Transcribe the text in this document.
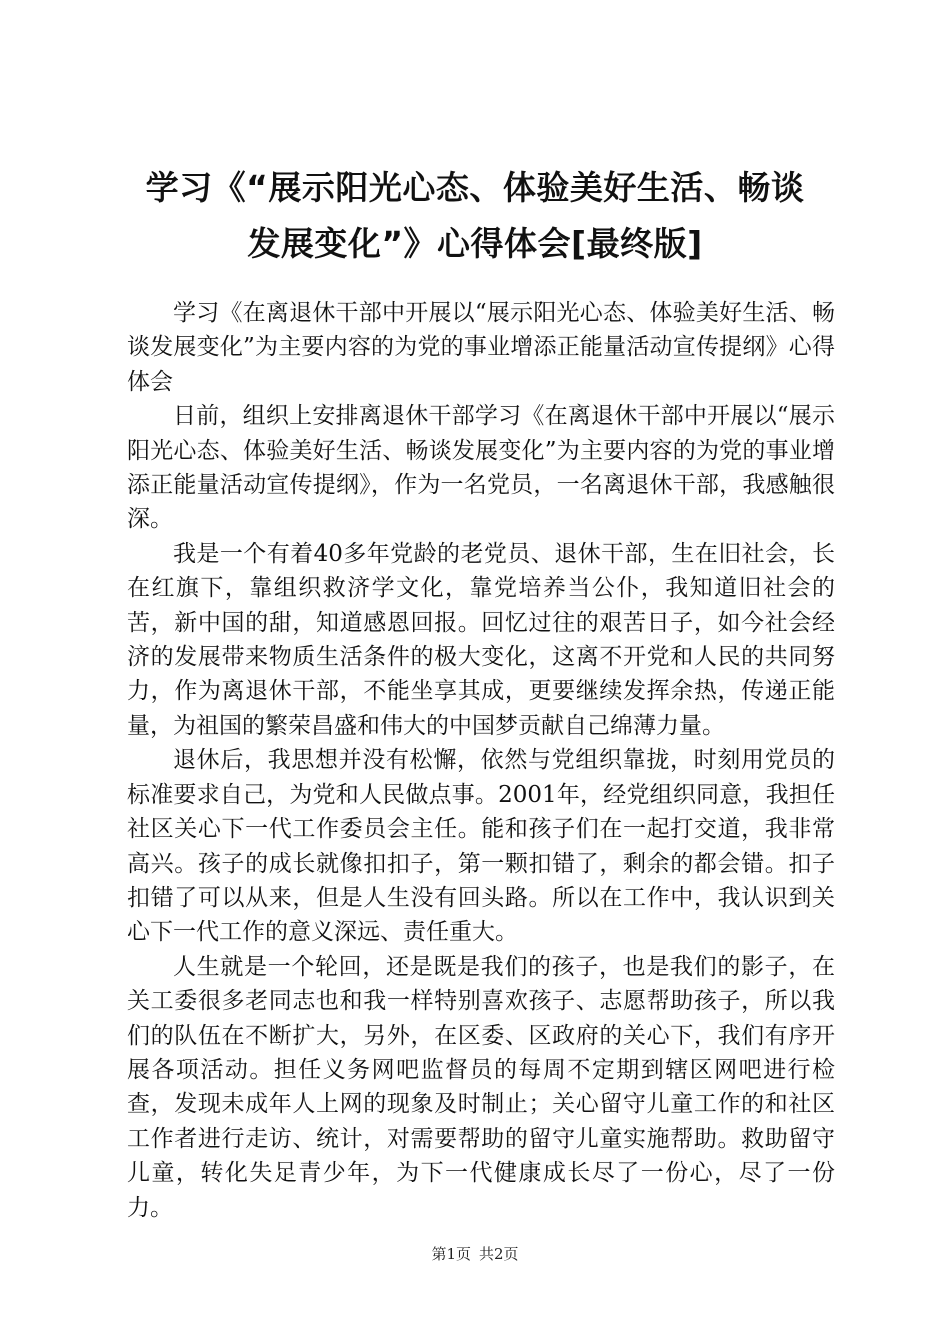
学习《“展示阳光心态、体验美好生活、畅谈
发展变化”》心得体会[最终版]

学习《在离退休干部中开展以“展示阳光心态、体验美好生活、畅谈发展变化”为主要内容的为党的事业增添正能量活动宣传提纲》心得体会

日前，组织上安排离退休干部学习《在离退休干部中开展以“展示阳光心态、体验美好生活、畅谈发展变化”为主要内容的为党的事业增添正能量活动宣传提纲》，作为一名党员，一名离退休干部，我感触很深。

我是一个有着40多年党龄的老党员、退休干部，生在旧社会，长在红旗下，靠组织救济学文化，靠党培养当公仆，我知道旧社会的苦，新中国的甜，知道感恩回报。回忆过往的艰苦日子，如今社会经济的发展带来物质生活条件的极大变化，这离不开党和人民的共同努力，作为离退休干部，不能坐享其成，更要继续发挥余热，传递正能量，为祖国的繁荣昌盛和伟大的中国梦贡献自己绵薄力量。

退休后，我思想并没有松懈，依然与党组织靠拢，时刻用党员的标准要求自己，为党和人民做点事。2001年，经党组织同意，我担任社区关心下一代工作委员会主任。能和孩子们在一起打交道，我非常高兴。孩子的成长就像扣扣子，第一颗扣错了，剩余的都会错。扣子扣错了可以从来，但是人生没有回头路。所以在工作中，我认识到关心下一代工作的意义深远、责任重大。

人生就是一个轮回，还是既是我们的孩子，也是我们的影子，在关工委很多老同志也和我一样特别喜欢孩子、志愿帮助孩子，所以我们的队伍在不断扩大，另外，在区委、区政府的关心下，我们有序开展各项活动。担任义务网吧监督员的每周不定期到辖区网吧进行检查，发现未成年人上网的现象及时制止；关心留守儿童工作的和社区工作者进行走访、统计，对需要帮助的留守儿童实施帮助。救助留守儿童，转化失足青少年，为下一代健康成长尽了一份心，尽了一份力。

第1页 共2页
